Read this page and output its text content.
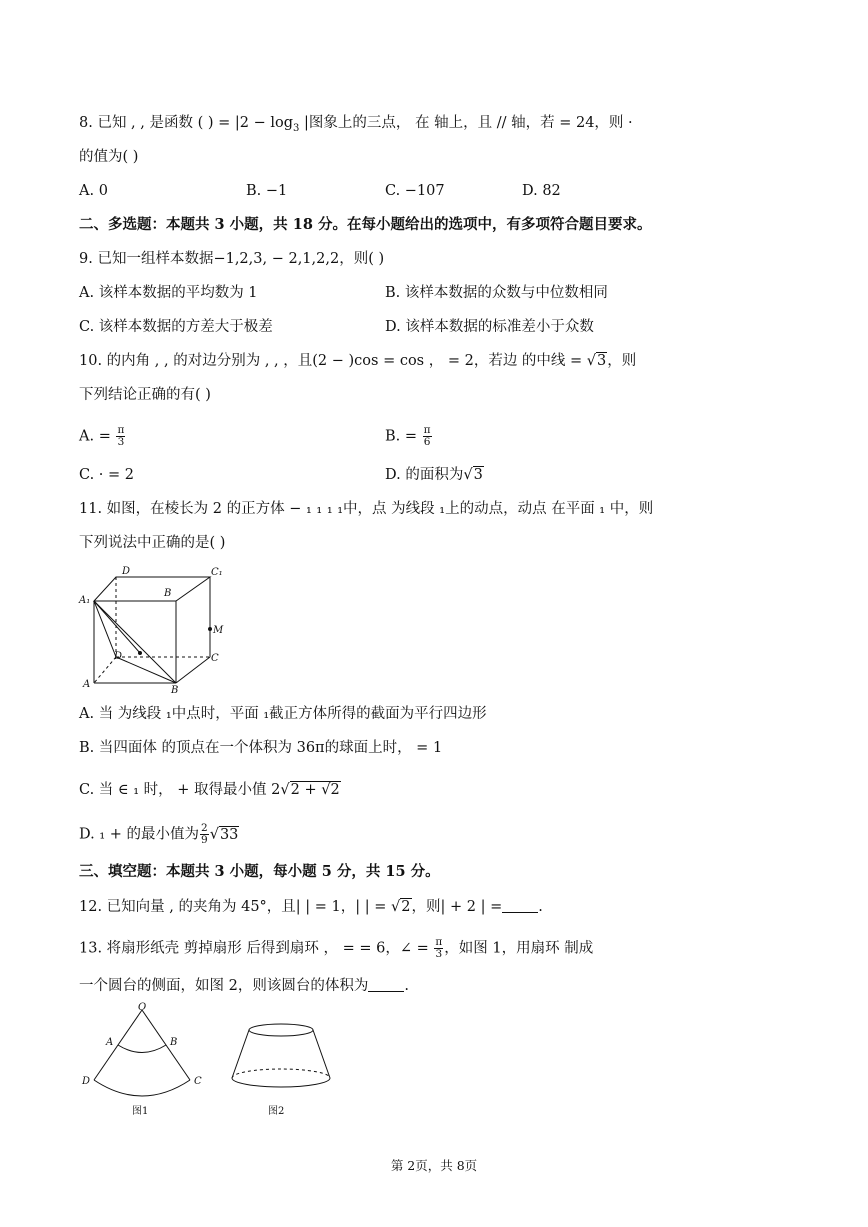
8. 已知 , , 是函数 ( ) = $|2 - \log_3$ |图象上的三点， 在 轴上，且 // 轴，若 = 24，则 ·
的值为( )
A. 0	B. −1	C. −107	D. 82
二、多选题：本题共 3 小题，共 18 分。在每小题给出的选项中，有多项符合题目要求。
9. 已知一组样本数据−1,2,3, − 2,1,2,2，则( )
A. 该样本数据的平均数为 1	B. 该样本数据的众数与中位数相同
C. 该样本数据的方差大于极差	D. 该样本数据的标准差小于众数
10. 的内角 , , 的对边分别为 , , ，且(2 − )cos = cos ， = 2，若边 的中线 = √3，则
下列结论正确的有( )
A. = $\frac{\pi}{3}$	B. = $\frac{\pi}{6}$
C. · = 2	D. 的面积为√3
11. 如图，在棱长为 2 的正方体 − ₁ ₁ ₁ ₁中，点 为线段 ₁上的动点，动点 在平面 ₁ 中，则
下列说法中正确的是( )
D	C₁
A₁
B
M
D	C
A
B
A. 当 为线段 ₁中点时，平面 ₁截正方体所得的截面为平行四边形
B. 当四面体 的顶点在一个体积为 36π的球面上时， = 1
C. 当 ∈ ₁ 时， + 取得最小值 2√2 + √2
D. ₁ + 的最小值为 $\frac{2}{9} √33$
三、填空题：本题共 3 小题，每小题 5 分，共 15 分。
12. 已知向量 , 的夹角为 45°，且| | = 1，| | = √2，则| + 2 | = .
13. 将扇形纸壳 剪掉扇形 后得到扇环 ， = = 6，∠ = $\frac{\pi}{3}$ ，如图 1，用扇环 制成
一个圆台的侧面，如图 2，则该圆台的体积为 .
O
A	B
D	C
图1	图2
第 2页，共 8页
